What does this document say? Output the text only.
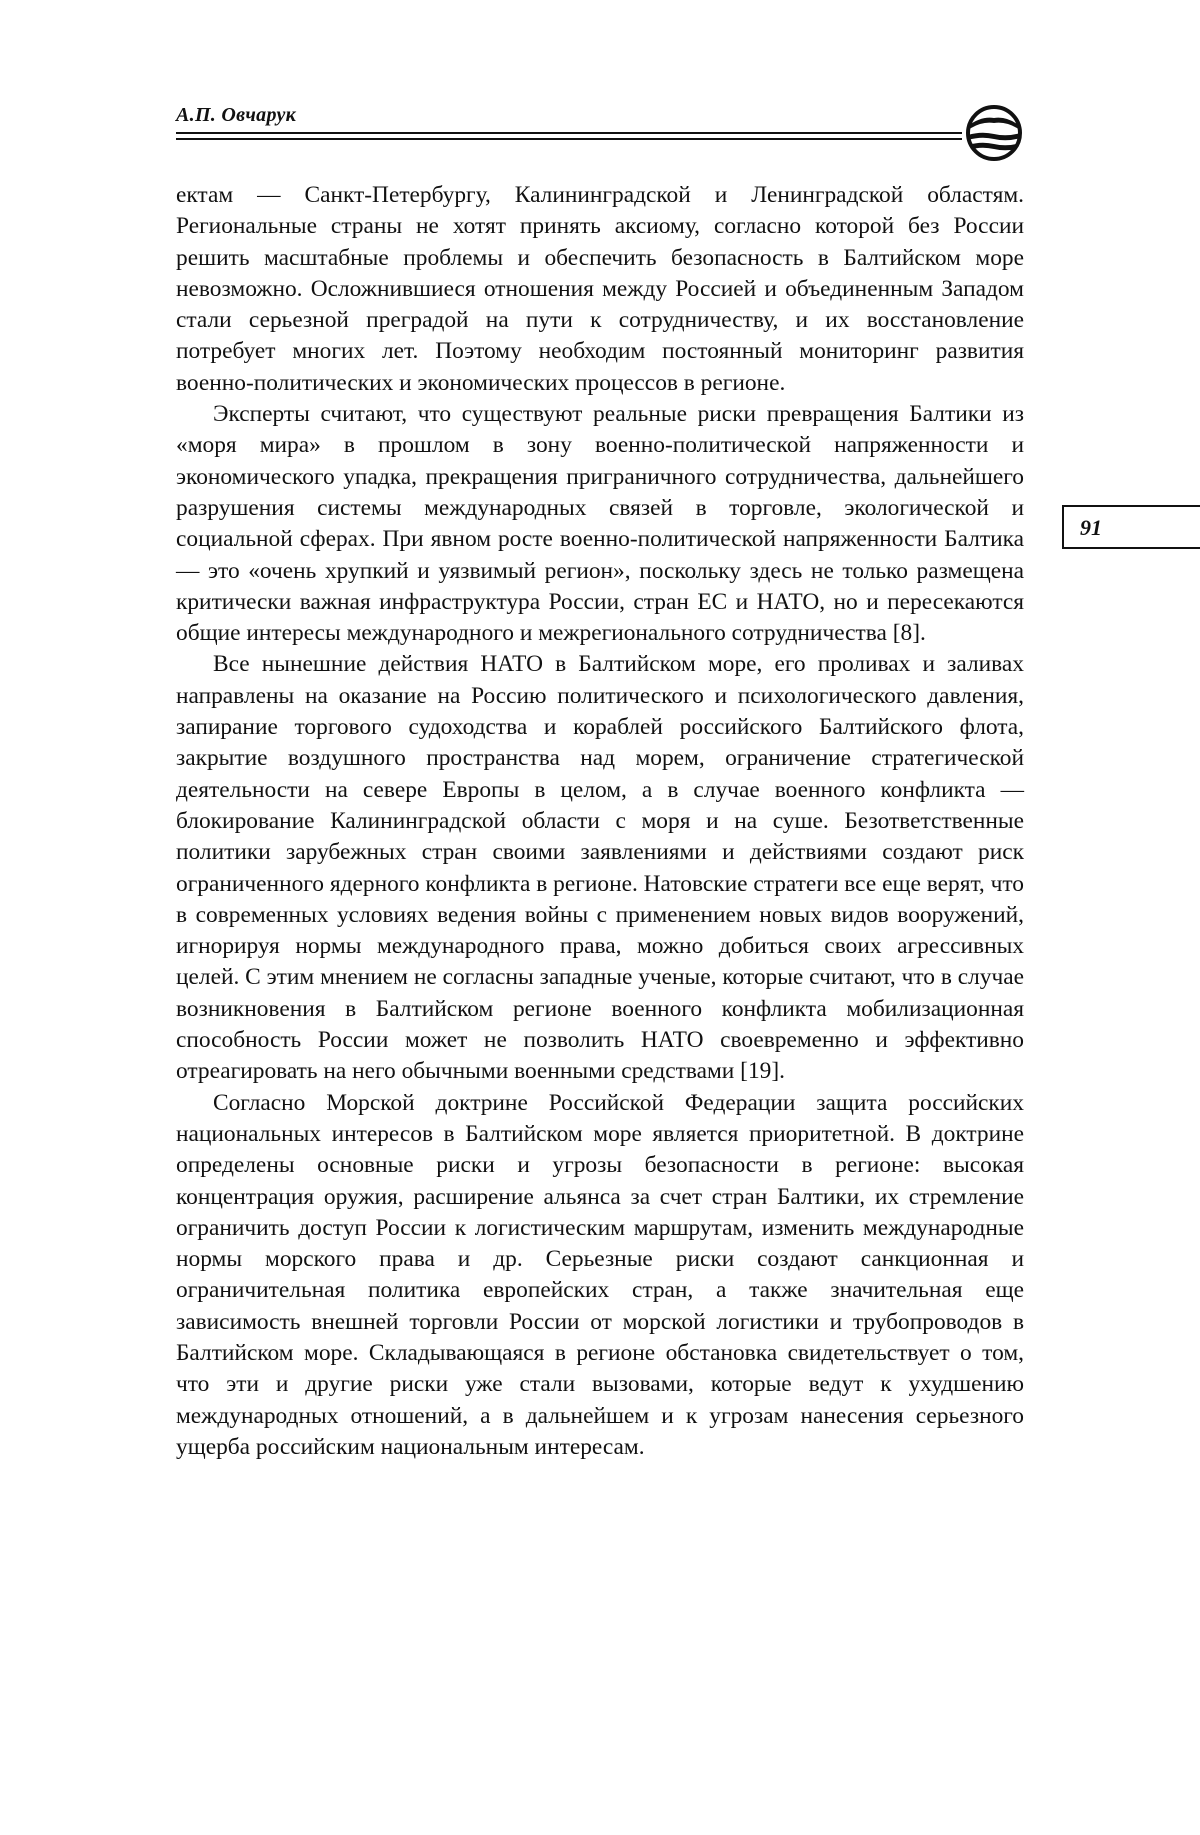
А.П. Овчарук
91

ектам — Санкт-Петербургу, Калининградской и Ленинградской областям. Региональные страны не хотят принять аксиому, согласно которой без России решить масштабные проблемы и обеспечить безопасность в Балтийском море невозможно. Осложнившиеся отношения между Россией и объединенным Западом стали серьезной преградой на пути к сотрудничеству, и их восстановление потребует многих лет. Поэтому необходим постоянный мониторинг развития военно-политических и экономических процессов в регионе.

Эксперты считают, что существуют реальные риски превращения Балтики из «моря мира» в прошлом в зону военно-политической напряженности и экономического упадка, прекращения приграничного сотрудничества, дальнейшего разрушения системы международных связей в торговле, экологической и социальной сферах. При явном росте военно-политической напряженности Балтика — это «очень хрупкий и уязвимый регион», поскольку здесь не только размещена критически важная инфраструктура России, стран ЕС и НАТО, но и пересекаются общие интересы международного и межрегионального сотрудничества [8].

Все нынешние действия НАТО в Балтийском море, его проливах и заливах направлены на оказание на Россию политического и психологического давления, запирание торгового судоходства и кораблей российского Балтийского флота, закрытие воздушного пространства над морем, ограничение стратегической деятельности на севере Европы в целом, а в случае военного конфликта — блокирование Калининградской области с моря и на суше. Безответственные политики зарубежных стран своими заявлениями и действиями создают риск ограниченного ядерного конфликта в регионе. Натовские стратеги все еще верят, что в современных условиях ведения войны с применением новых видов вооружений, игнорируя нормы международного права, можно добиться своих агрессивных целей. С этим мнением не согласны западные ученые, которые считают, что в случае возникновения в Балтийском регионе военного конфликта мобилизационная способность России может не позволить НАТО своевременно и эффективно отреагировать на него обычными военными средствами [19].

Согласно Морской доктрине Российской Федерации защита российских национальных интересов в Балтийском море является приоритетной. В доктрине определены основные риски и угрозы безопасности в регионе: высокая концентрация оружия, расширение альянса за счет стран Балтики, их стремление ограничить доступ России к логистическим маршрутам, изменить международные нормы морского права и др. Серьезные риски создают санкционная и ограничительная политика европейских стран, а также значительная еще зависимость внешней торговли России от морской логистики и трубопроводов в Балтийском море. Складывающаяся в регионе обстановка свидетельствует о том, что эти и другие риски уже стали вызовами, которые ведут к ухудшению международных отношений, а в дальнейшем и к угрозам нанесения серьезного ущерба российским национальным интересам.
